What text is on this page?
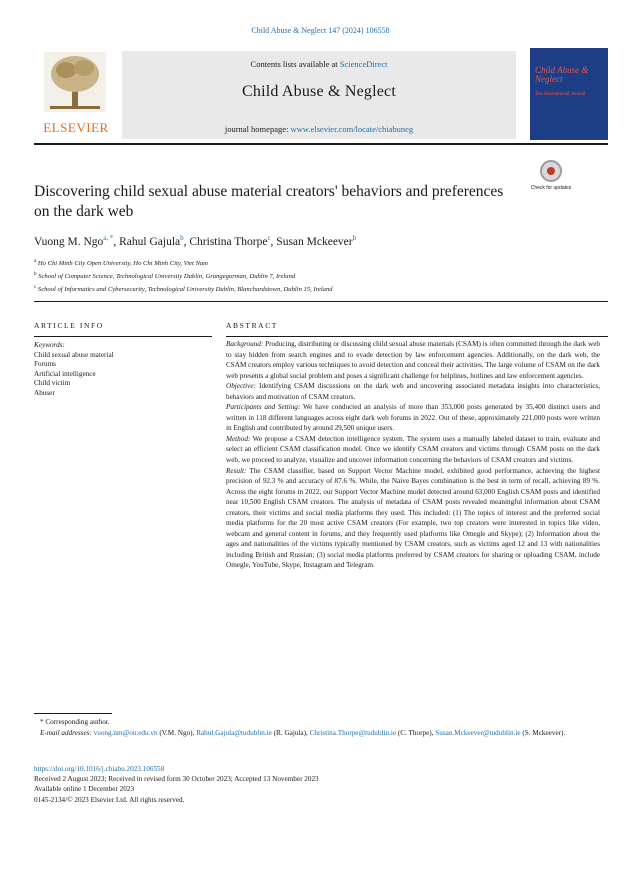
Child Abuse & Neglect 147 (2024) 106558
ELSEVIER
Contents lists available at ScienceDirect
Child Abuse & Neglect
journal homepage: www.elsevier.com/locate/chiabuneg
Child Abuse & Neglect
The International Journal
Discovering child sexual abuse material creators' behaviors and preferences on the dark web
Check for updates
Vuong M. Ngo$^{a, *}$, Rahul Gajula$^b$, Christina Thorpe$^c$, Susan Mckeever$^b$
$^a$ Ho Chi Minh City Open University, Ho Chi Minh City, Viet Nam
$^b$ School of Computer Science, Technological University Dublin, Grangegorman, Dublin 7, Ireland
$^c$ School of Informatics and Cybersecurity, Technological University Dublin, Blanchardstown, Dublin 15, Ireland
ARTICLE INFO	ABSTRACT
Keywords:
Child sexual abuse material
Forums
Artificial intelligence
Child victim
Abuser

Background: Producing, distributing or discussing child sexual abuse materials (CSAM) is often committed through the dark web to stay hidden from search engines and to evade detection by law enforcement agencies. Additionally, on the dark web, the CSAM creators employ various techniques to avoid detection and conceal their activities. The large volume of CSAM on the dark web presents a global social problem and poses a significant challenge for helplines, hotlines and law enforcement agencies.

Objective: Identifying CSAM discussions on the dark web and uncovering associated metadata insights into characteristics, behaviors and motivation of CSAM creators.

Participants and Setting: We have conducted an analysis of more than 353,000 posts generated by 35,400 distinct users and written in 118 different languages across eight dark web forums in 2022. Out of these, approximately 221,000 posts were written in English and contributed by around 29,500 unique users.

Method: We propose a CSAM detection intelligence system. The system uses a manually labeled dataset to train, evaluate and select an efficient CSAM classification model. Once we identify CSAM creators and victims through CSAM posts on the dark web, we proceed to analyze, visualize and uncover information concerning the behaviors of CSAM creators and victims.

Result: The CSAM classifier, based on Support Vector Machine model, exhibited good performance, achieving the highest precision of 92.3 % and accuracy of 87.6 %. While, the Naive Bayes combination is the best in term of recall, achieving 89 %. Across the eight forums in 2022, our Support Vector Machine model detected around 63,000 English CSAM posts and identified near 10,500 English CSAM creators. The analysis of metadata of CSAM posts revealed meaningful information about CSAM creators, their victims and social media platforms they used. This included: (1) The topics of interest and the preferred social media platforms for the 20 most active CSAM creators (For example, two top creators were interested in topics like video, webcam and general content in forums, and they frequently used platforms like Omegle and Skype); (2) Information about the ages and nationalities of the victims typically mentioned by CSAM creators, such as victims aged 12 and 13 with nationalities including British and Russian; (3) social media platforms preferred by CSAM creators for sharing or uploading CSAM, include Omegle, YouTube, Skype, Instagram and Telegram.

* Corresponding author.
E-mail addresses: vuong.nm@ou.edu.vn (V.M. Ngo), Rahul.Gajula@tudublin.ie (R. Gajula), Christina.Thorpe@tudublin.ie (C. Thorpe), Susan.Mckeever@tudublin.ie (S. Mckeever).
https://doi.org/10.1016/j.chiabu.2023.106558
Received 2 August 2023; Received in revised form 30 October 2023; Accepted 13 November 2023
Available online 1 December 2023
0145-2134/© 2023 Elsevier Ltd. All rights reserved.
